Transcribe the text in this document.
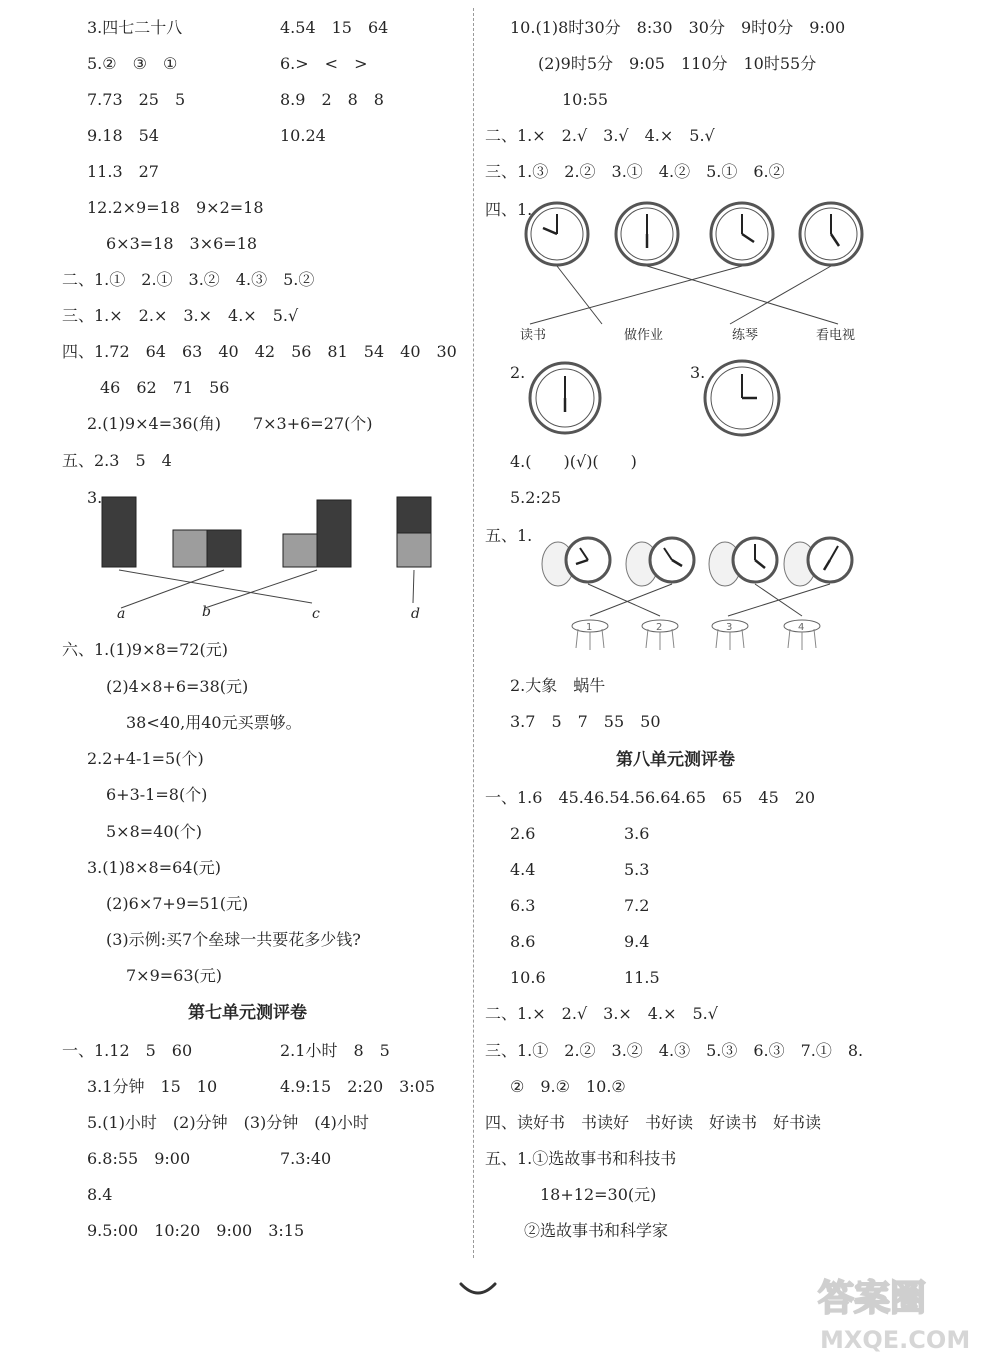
3.四七二十八	4.54　15　64
5.②　③　①	6.>　<　>
7.73　25　5	8.9　2　8　8
9.18　54	10.24
11.3　27
12.2×9=18　9×2=18
6×3=18　3×6=18
二、1.①　2.①　3.②　4.③　5.②
三、1.×　2.×　3.×　4.×　5.√
四、1.72　64　63　40　42　56　81　54　40　30
46　62　71　56
2.(1)9×4=36(角)　　7×3+6=27(个)
五、2.3　5　4
3.
a	b	c	d
六、1.(1)9×8=72(元)
(2)4×8+6=38(元)
38<40,用40元买票够。
2.2+4-1=5(个)
6+3-1=8(个)
5×8=40(个)
3.(1)8×8=64(元)
(2)6×7+9=51(元)
(3)示例:买7个垒球一共要花多少钱?
7×9=63(元)
第七单元测评卷
一、1.12　5　60	2.1小时　8　5
3.1分钟　15　10	4.9:15　2:20　3:05
5.(1)小时　(2)分钟　(3)分钟　(4)小时
6.8:55　9:00	7.3:40
8.4
9.5:00　10:20　9:00　3:15
10.(1)8时30分　8:30　30分　9时0分　9:00
(2)9时5分　9:05　110分　10时55分
10:55
二、1.×　2.√　3.√　4.×　5.√
三、1.③　2.②　3.①　4.②　5.①　6.②
四、1.
读书	做作业	练琴	看电视
2.	3.
4.(　　)(√)(　　)
5.2:25
五、1.
1	2	3	4
2.大象　蜗牛
3.7　5　7　55　50
第八单元测评卷
一、1.6　45.46.54.56.64.65　65　45　20
2.6	3.6
4.4	5.3
6.3	7.2
8.6	9.4
10.6	11.5
二、1.×　2.√　3.×　4.×　5.√
三、1.①　2.②　3.②　4.③　5.③　6.③　7.①　8.
②　9.②　10.②
四、读好书　书读好　书好读　好读书　好书读
五、1.①选故事书和科技书
18+12=30(元)
②选故事书和科学家
答案圈
MXQE.COM
